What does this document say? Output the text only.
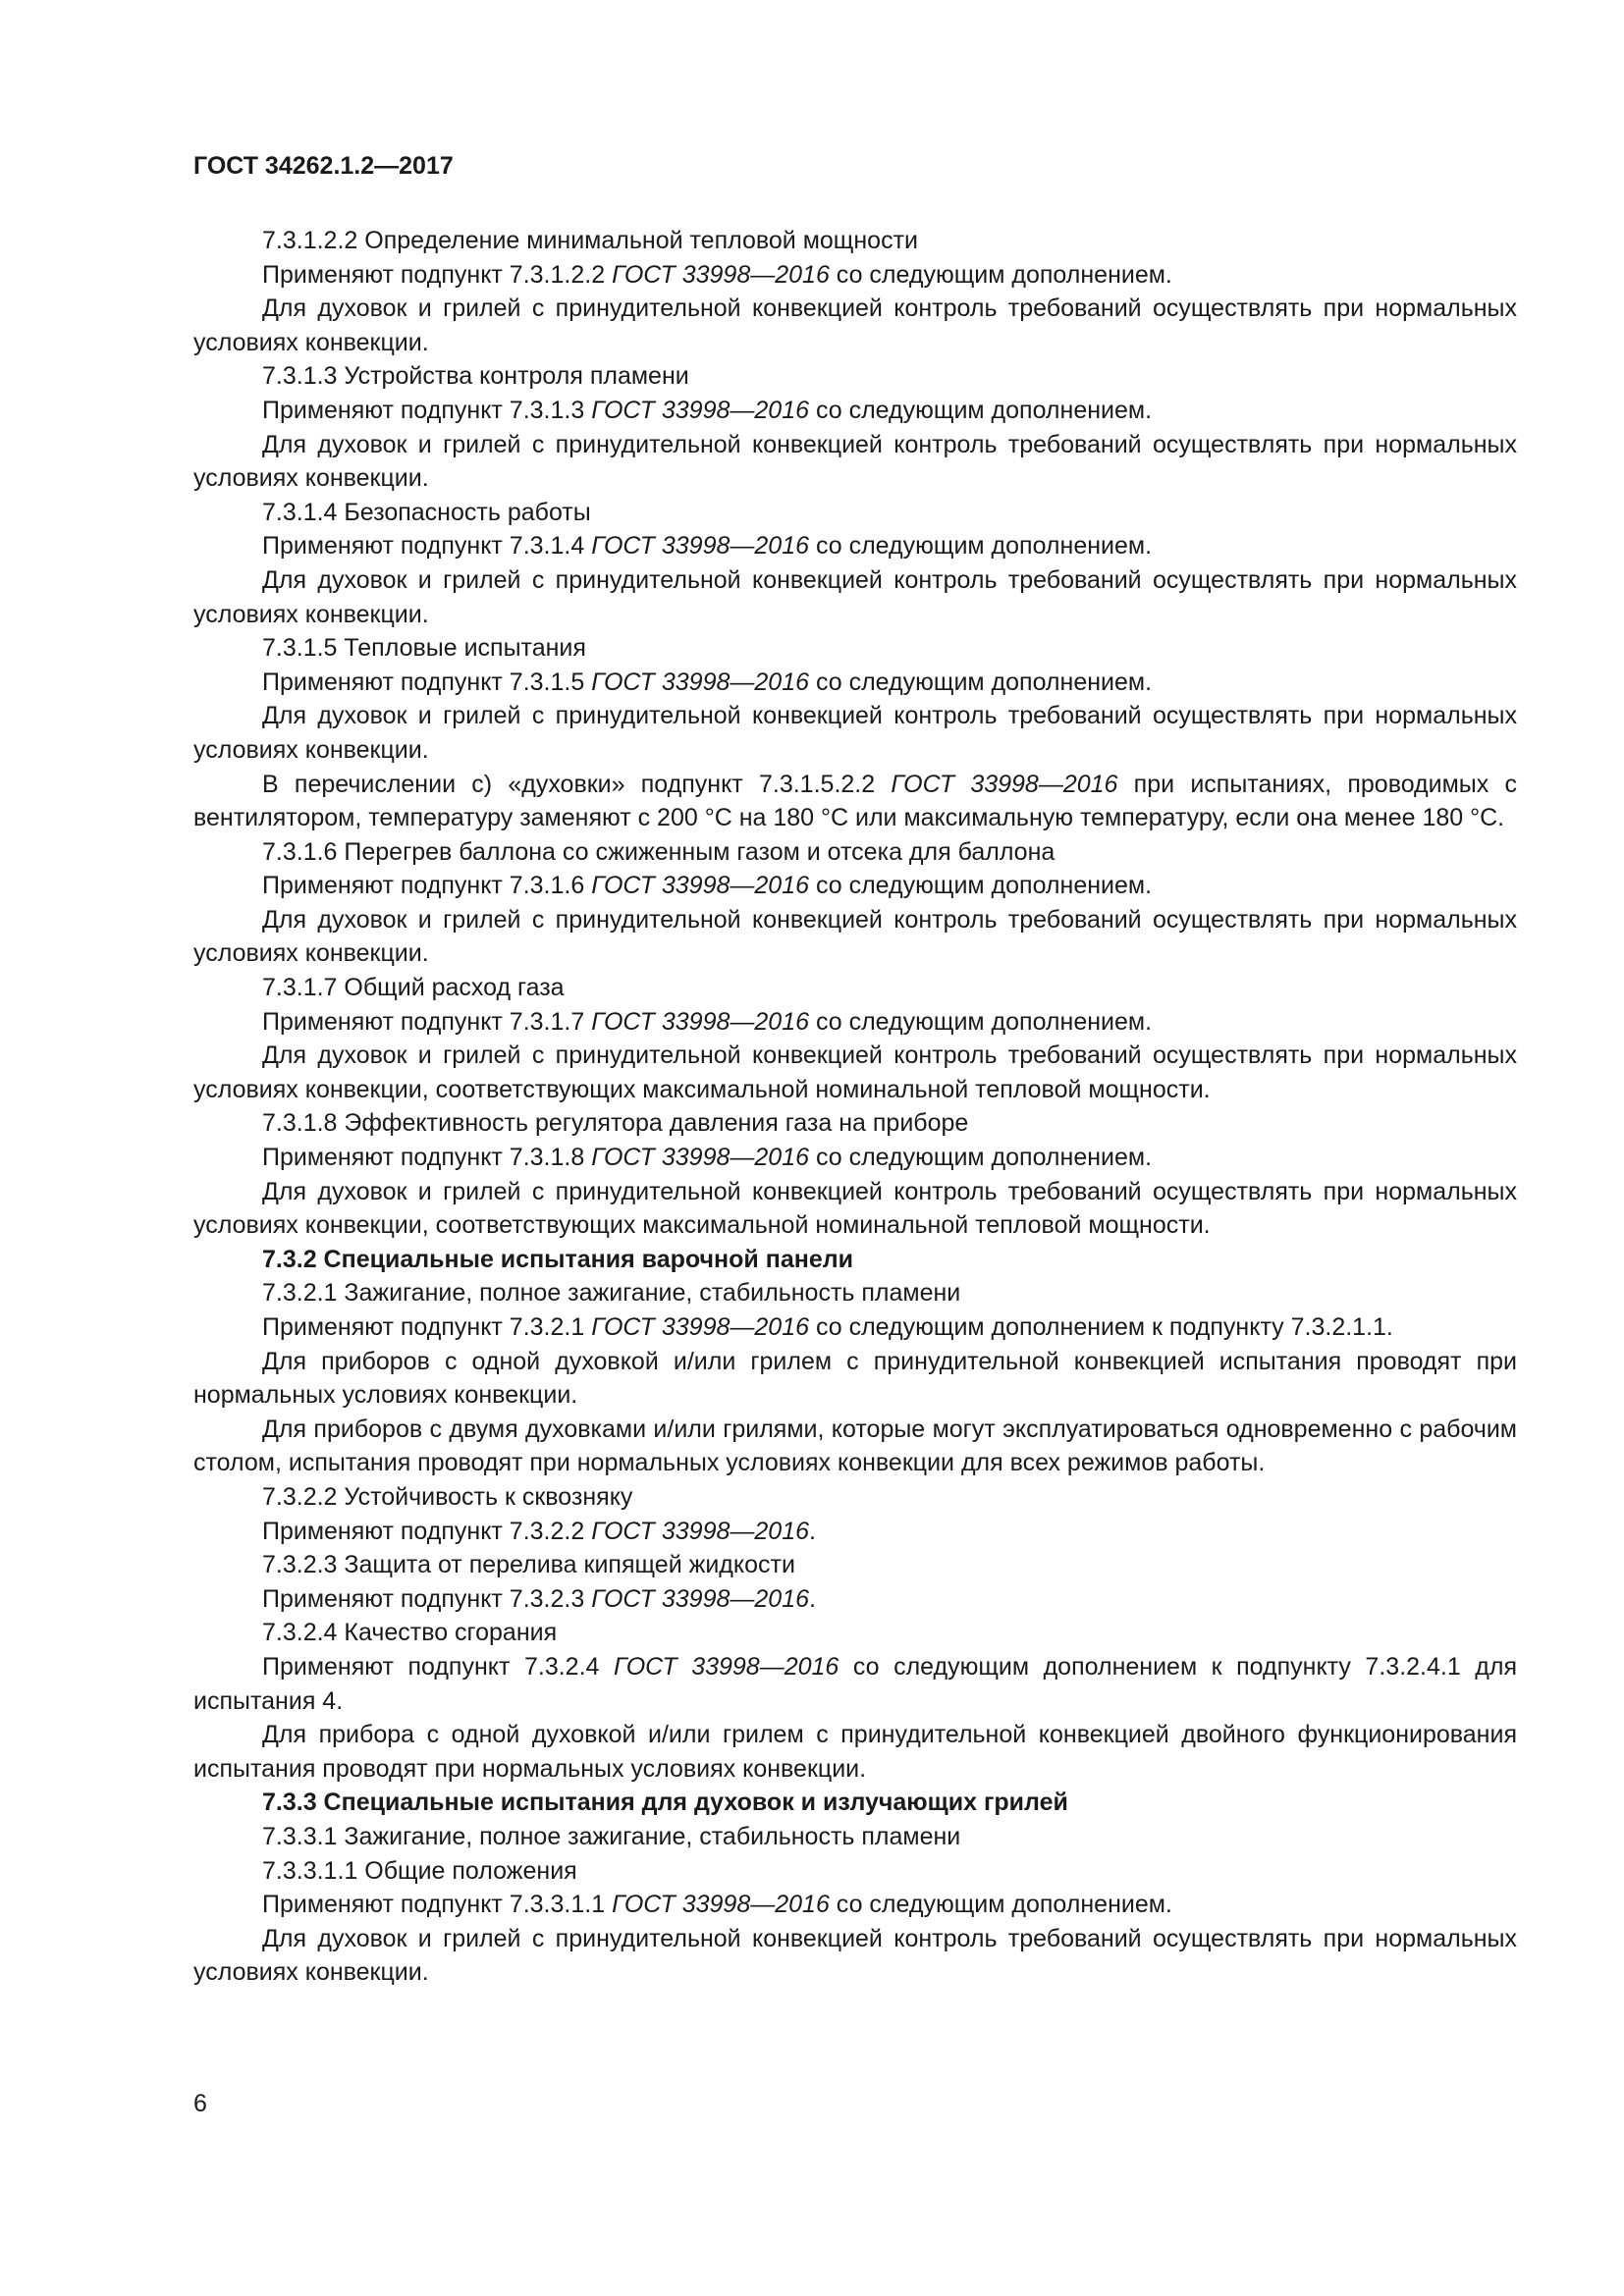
ГОСТ 34262.1.2—2017

7.3.1.2.2 Определение минимальной тепловой мощности

Применяют подпункт 7.3.1.2.2 ГОСТ 33998—2016 со следующим дополнением.

Для духовок и грилей с принудительной конвекцией контроль требований осуществлять при нормальных условиях конвекции.

7.3.1.3 Устройства контроля пламени

Применяют подпункт 7.3.1.3 ГОСТ 33998—2016 со следующим дополнением.

Для духовок и грилей с принудительной конвекцией контроль требований осуществлять при нормальных условиях конвекции.

7.3.1.4 Безопасность работы

Применяют подпункт 7.3.1.4 ГОСТ 33998—2016 со следующим дополнением.

Для духовок и грилей с принудительной конвекцией контроль требований осуществлять при нормальных условиях конвекции.

7.3.1.5 Тепловые испытания

Применяют подпункт 7.3.1.5 ГОСТ 33998—2016 со следующим дополнением.

Для духовок и грилей с принудительной конвекцией контроль требований осуществлять при нормальных условиях конвекции.

В перечислении с) «духовки» подпункт 7.3.1.5.2.2 ГОСТ 33998—2016 при испытаниях, проводимых с вентилятором, температуру заменяют с 200 °С на 180 °С или максимальную температуру, если она менее 180 °С.

7.3.1.6 Перегрев баллона со сжиженным газом и отсека для баллона

Применяют подпункт 7.3.1.6 ГОСТ 33998—2016 со следующим дополнением.

Для духовок и грилей с принудительной конвекцией контроль требований осуществлять при нормальных условиях конвекции.

7.3.1.7 Общий расход газа

Применяют подпункт 7.3.1.7 ГОСТ 33998—2016 со следующим дополнением.

Для духовок и грилей с принудительной конвекцией контроль требований осуществлять при нормальных условиях конвекции, соответствующих максимальной номинальной тепловой мощности.

7.3.1.8 Эффективность регулятора давления газа на приборе

Применяют подпункт 7.3.1.8 ГОСТ 33998—2016 со следующим дополнением.

Для духовок и грилей с принудительной конвекцией контроль требований осуществлять при нормальных условиях конвекции, соответствующих максимальной номинальной тепловой мощности.

7.3.2 Специальные испытания варочной панели

7.3.2.1 Зажигание, полное зажигание, стабильность пламени

Применяют подпункт 7.3.2.1 ГОСТ 33998—2016 со следующим дополнением к подпункту 7.3.2.1.1.

Для приборов с одной духовкой и/или грилем с принудительной конвекцией испытания проводят при нормальных условиях конвекции.

Для приборов с двумя духовками и/или грилями, которые могут эксплуатироваться одновременно с рабочим столом, испытания проводят при нормальных условиях конвекции для всех режимов работы.

7.3.2.2 Устойчивость к сквозняку

Применяют подпункт 7.3.2.2 ГОСТ 33998—2016.

7.3.2.3 Защита от перелива кипящей жидкости

Применяют подпункт 7.3.2.3 ГОСТ 33998—2016.

7.3.2.4 Качество сгорания

Применяют подпункт 7.3.2.4 ГОСТ 33998—2016 со следующим дополнением к подпункту 7.3.2.4.1 для испытания 4.

Для прибора с одной духовкой и/или грилем с принудительной конвекцией двойного функционирования испытания проводят при нормальных условиях конвекции.

7.3.3 Специальные испытания для духовок и излучающих грилей

7.3.3.1 Зажигание, полное зажигание, стабильность пламени

7.3.3.1.1 Общие положения

Применяют подпункт 7.3.3.1.1 ГОСТ 33998—2016 со следующим дополнением.

Для духовок и грилей с принудительной конвекцией контроль требований осуществлять при нормальных условиях конвекции.

6
